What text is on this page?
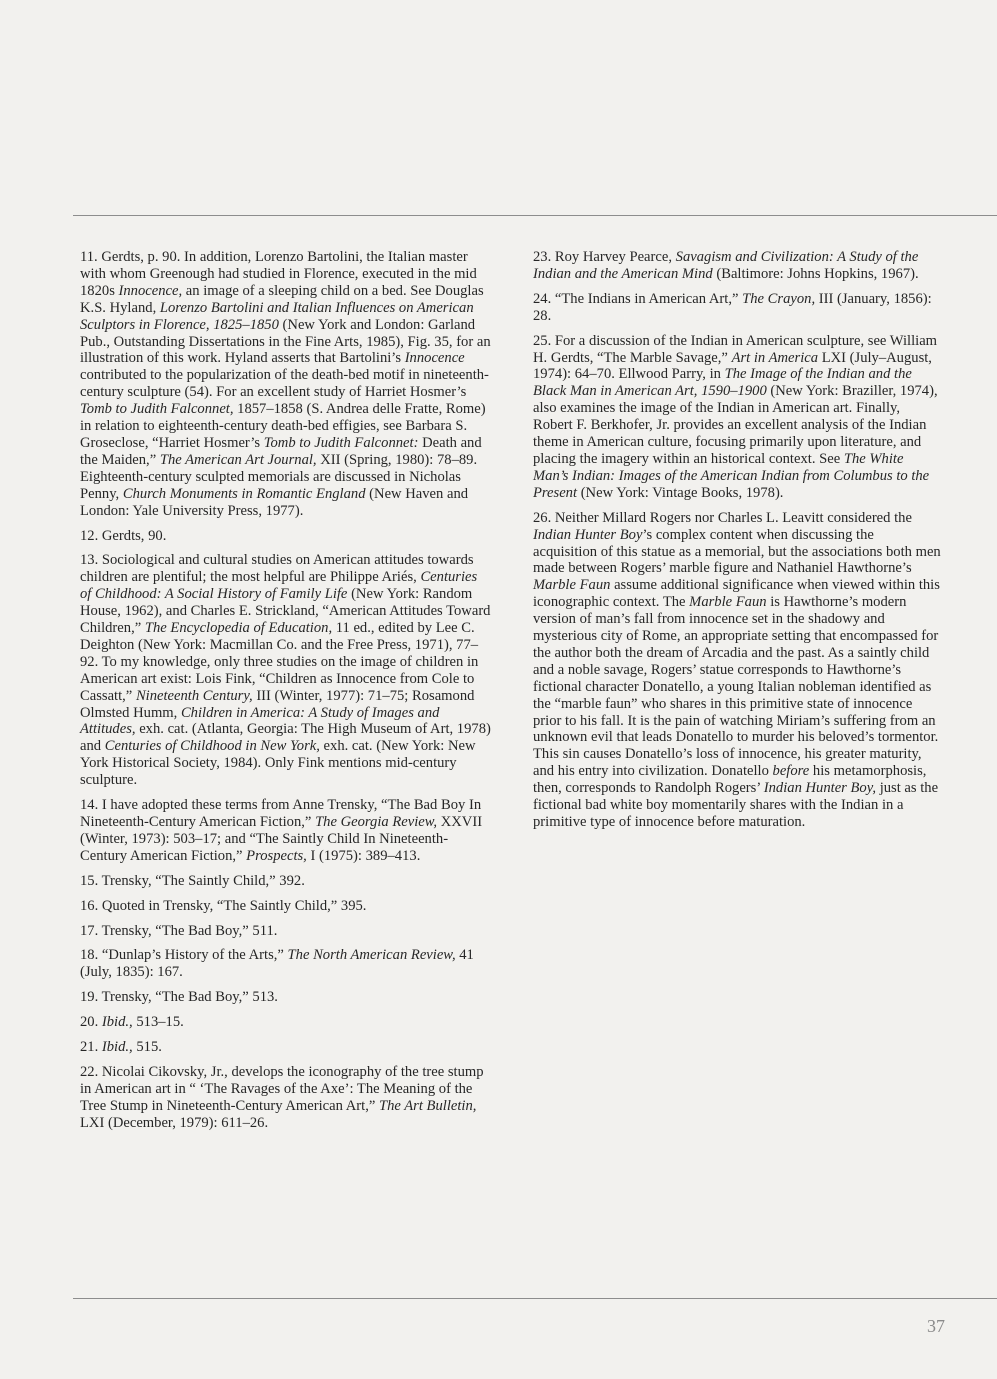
11. Gerdts, p. 90. In addition, Lorenzo Bartolini, the Italian master with whom Greenough had studied in Florence, executed in the mid 1820s Innocence, an image of a sleeping child on a bed. See Douglas K.S. Hyland, Lorenzo Bartolini and Italian Influences on American Sculptors in Florence, 1825–1850 (New York and London: Garland Pub., Outstanding Dissertations in the Fine Arts, 1985), Fig. 35, for an illustration of this work. Hyland asserts that Bartolini’s Innocence contributed to the popularization of the death-bed motif in nineteenth-century sculpture (54). For an excellent study of Harriet Hosmer’s Tomb to Judith Falconnet, 1857–1858 (S. Andrea delle Fratte, Rome) in relation to eighteenth-century death-bed effigies, see Barbara S. Groseclose, “Harriet Hosmer’s Tomb to Judith Falconnet: Death and the Maiden,” The American Art Journal, XII (Spring, 1980): 78–89. Eighteenth-century sculpted memorials are discussed in Nicholas Penny, Church Monuments in Romantic England (New Haven and London: Yale University Press, 1977).

12. Gerdts, 90.

13. Sociological and cultural studies on American attitudes towards children are plentiful; the most helpful are Philippe Ariés, Centuries of Childhood: A Social History of Family Life (New York: Random House, 1962), and Charles E. Strickland, “American Attitudes Toward Children,” The Encyclopedia of Education, 11 ed., edited by Lee C. Deighton (New York: Macmillan Co. and the Free Press, 1971), 77–92. To my knowledge, only three studies on the image of children in American art exist: Lois Fink, “Children as Innocence from Cole to Cassatt,” Nineteenth Century, III (Winter, 1977): 71–75; Rosamond Olmsted Humm, Children in America: A Study of Images and Attitudes, exh. cat. (Atlanta, Georgia: The High Museum of Art, 1978) and Centuries of Childhood in New York, exh. cat. (New York: New York Historical Society, 1984). Only Fink mentions mid-century sculpture.

14. I have adopted these terms from Anne Trensky, “The Bad Boy In Nineteenth-Century American Fiction,” The Georgia Review, XXVII (Winter, 1973): 503–17; and “The Saintly Child In Nineteenth-Century American Fiction,” Prospects, I (1975): 389–413.

15. Trensky, “The Saintly Child,” 392.

16. Quoted in Trensky, “The Saintly Child,” 395.

17. Trensky, “The Bad Boy,” 511.

18. “Dunlap’s History of the Arts,” The North American Review, 41 (July, 1835): 167.

19. Trensky, “The Bad Boy,” 513.

20. Ibid., 513–15.

21. Ibid., 515.

22. Nicolai Cikovsky, Jr., develops the iconography of the tree stump in American art in “ ‘The Ravages of the Axe’: The Meaning of the Tree Stump in Nineteenth-Century American Art,” The Art Bulletin, LXI (December, 1979): 611–26.

23. Roy Harvey Pearce, Savagism and Civilization: A Study of the Indian and the American Mind (Baltimore: Johns Hopkins, 1967).

24. “The Indians in American Art,” The Crayon, III (January, 1856): 28.

25. For a discussion of the Indian in American sculpture, see William H. Gerdts, “The Marble Savage,” Art in America LXI (July–August, 1974): 64–70. Ellwood Parry, in The Image of the Indian and the Black Man in American Art, 1590–1900 (New York: Braziller, 1974), also examines the image of the Indian in American art. Finally, Robert F. Berkhofer, Jr. provides an excellent analysis of the Indian theme in American culture, focusing primarily upon literature, and placing the imagery within an historical context. See The White Man’s Indian: Images of the American Indian from Columbus to the Present (New York: Vintage Books, 1978).

26. Neither Millard Rogers nor Charles L. Leavitt considered the Indian Hunter Boy’s complex content when discussing the acquisition of this statue as a memorial, but the associations both men made between Rogers’ marble figure and Nathaniel Hawthorne’s Marble Faun assume additional significance when viewed within this iconographic context. The Marble Faun is Hawthorne’s modern version of man’s fall from innocence set in the shadowy and mysterious city of Rome, an appropriate setting that encompassed for the author both the dream of Arcadia and the past. As a saintly child and a noble savage, Rogers’ statue corresponds to Hawthorne’s fictional character Donatello, a young Italian nobleman identified as the “marble faun” who shares in this primitive state of innocence prior to his fall. It is the pain of watching Miriam’s suffering from an unknown evil that leads Donatello to murder his beloved’s tormentor. This sin causes Donatello’s loss of innocence, his greater maturity, and his entry into civilization. Donatello before his metamorphosis, then, corresponds to Randolph Rogers’ Indian Hunter Boy, just as the fictional bad white boy momentarily shares with the Indian in a primitive type of innocence before maturation.

37
